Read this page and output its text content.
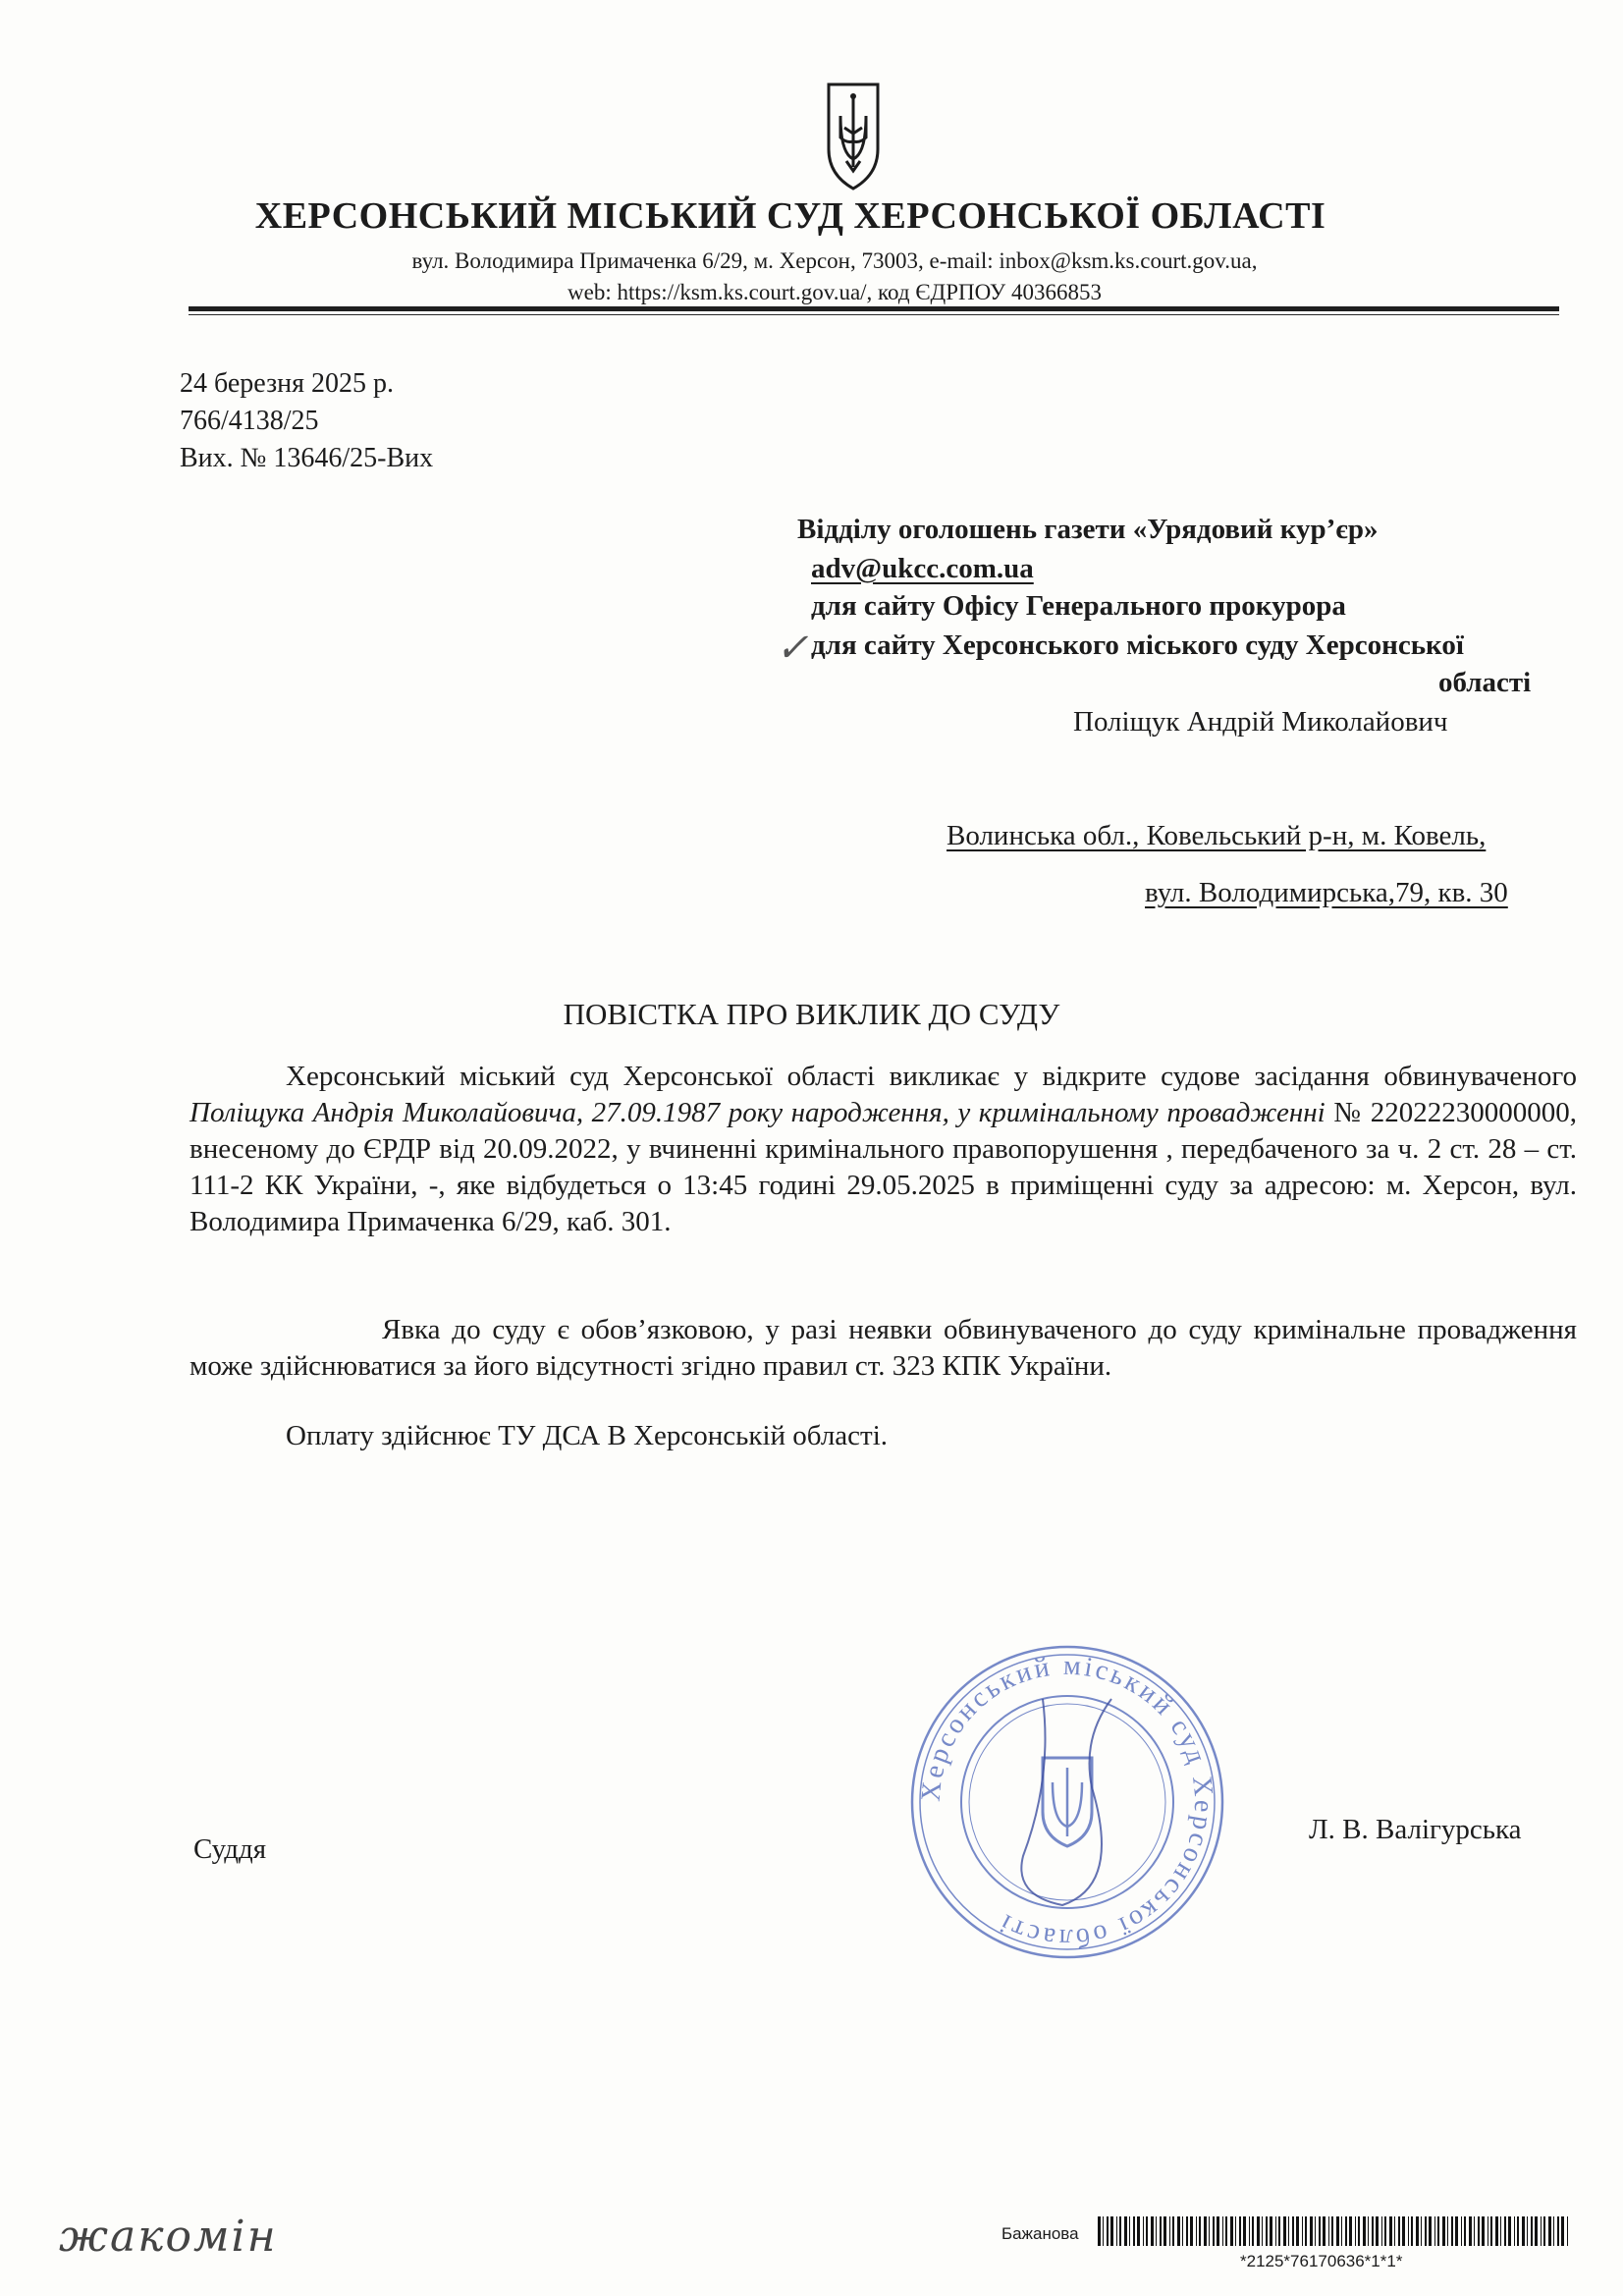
ХЕРСОНСЬКИЙ МІСЬКИЙ СУД ХЕРСОНСЬКОЇ ОБЛАСТІ
вул. Володимира Примаченка 6/29, м. Херсон, 73003, e-mail: inbox@ksm.ks.court.gov.ua,
web: https://ksm.ks.court.gov.ua/, код ЄДРПОУ 40366853
24 березня 2025 р.
766/4138/25
Вих. № 13646/25-Вих
Відділу оголошень газети «Урядовий кур’єр»
adv@ukcc.com.ua
для сайту Офісу Генерального прокурора
✓ для сайту Херсонського міського суду Херсонської
області
Поліщук Андрій Миколайович
Волинська обл., Ковельський р-н, м. Ковель,
вул. Володимирська,79, кв. 30
ПОВІСТКА ПРО ВИКЛИК ДО СУДУ
Херсонський міський суд Херсонської області викликає у відкрите судове засідання обвинуваченого Поліщука Андрія Миколайовича, 27.09.1987 року народження, у кримінальному провадженні № 22022230000000, внесеному до ЄРДР від 20.09.2022, у вчиненні кримінального правопорушення , передбаченого за ч. 2 ст. 28 – ст. 111-2 КК України, -, яке відбудеться о 13:45 годині 29.05.2025 в приміщенні суду за адресою: м. Херсон, вул. Володимира Примаченка 6/29, каб. 301.
Явка до суду є обов’язковою, у разі неявки обвинуваченого до суду кримінальне провадження може здійснюватися за його відсутності згідно правил ст. 323 КПК України.
Оплату здійснює ТУ ДСА В Херсонській області.
Суддя
Л. В. Валігурська
Херсонський міський суд Херсонської області
жакомін	Бажанова
*2125*76170636*1*1*
